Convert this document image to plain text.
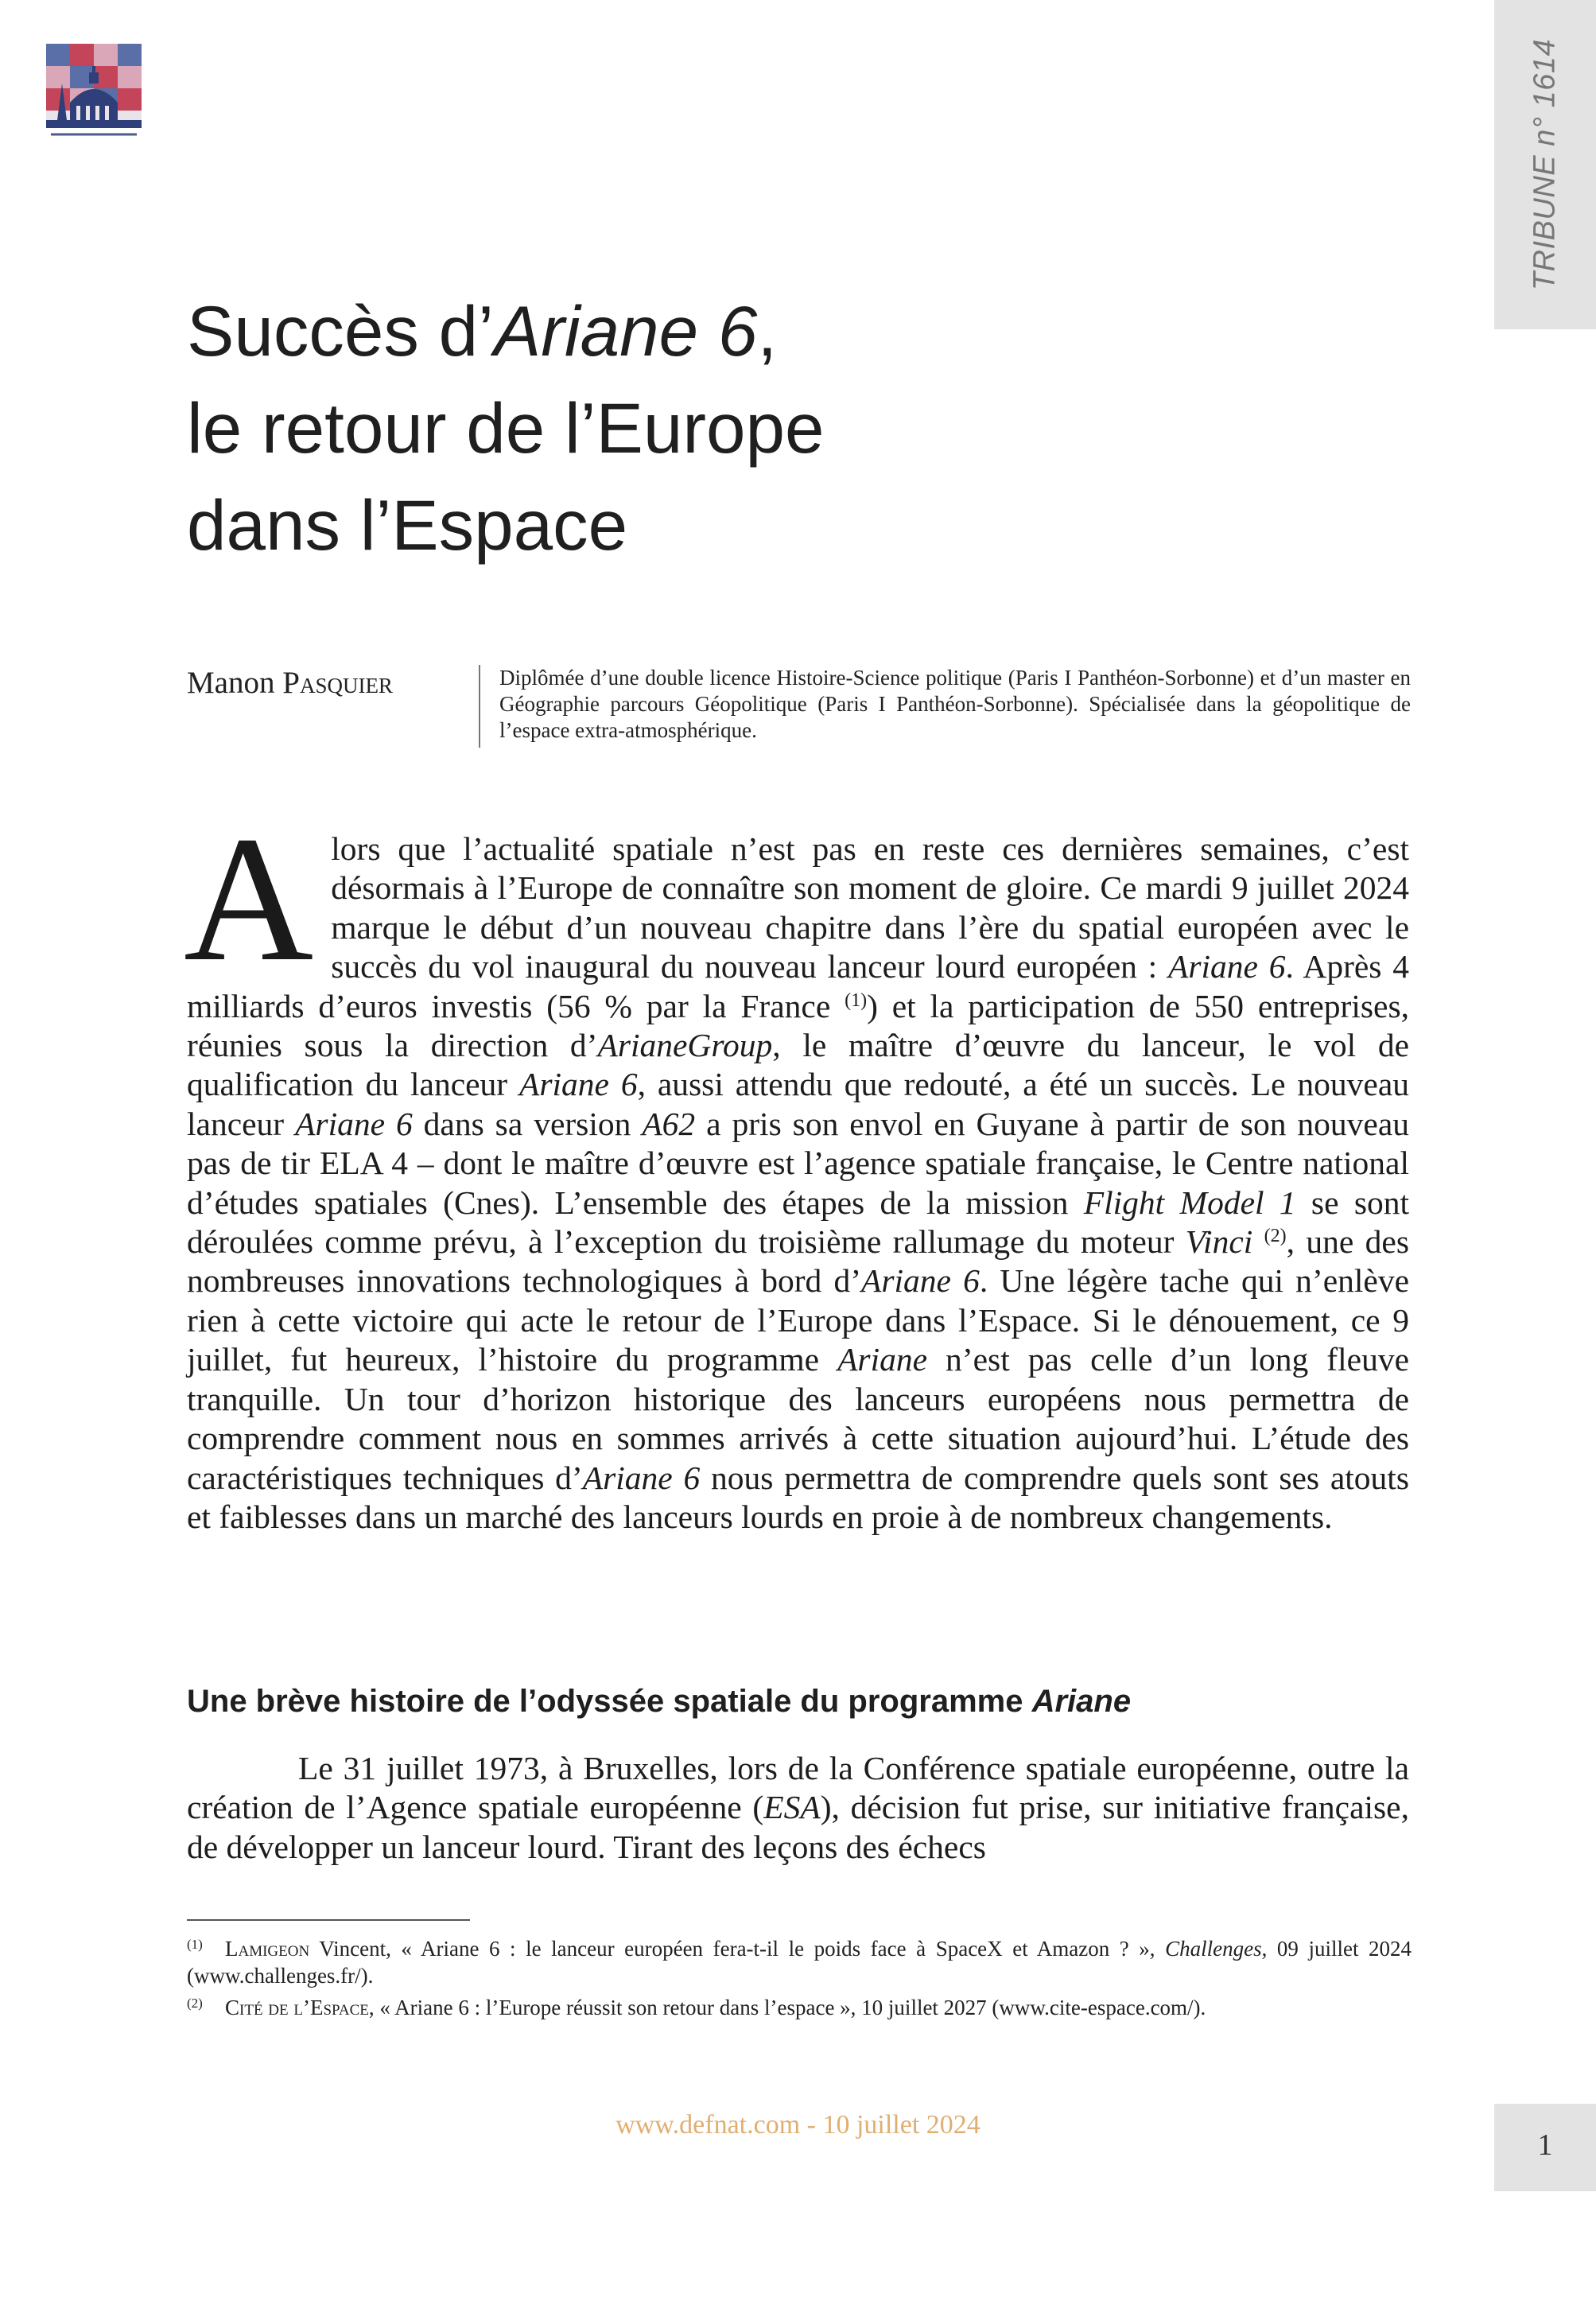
TRIBUNE n° 1614
Succès d’Ariane 6,
le retour de l’Europe
dans l’Espace
Manon Pasquier	Diplômée d’une double licence Histoire-Science politique (Paris I Panthéon-Sorbonne) et d’un master en Géographie parcours Géopolitique (Paris I Panthéon-Sorbonne). Spécialisée dans la géopolitique de l’espace extra-atmosphérique.

Alors que l’actualité spatiale n’est pas en reste ces dernières semaines, c’est désormais à l’Europe de connaître son moment de gloire. Ce mardi 9 juillet 2024 marque le début d’un nouveau chapitre dans l’ère du spatial européen avec le succès du vol inaugural du nouveau lanceur lourd européen : Ariane 6. Après 4 milliards d’euros investis (56 % par la France $^{(1)}$) et la participation de 550 entreprises, réunies sous la direction d’ArianeGroup, le maître d’œuvre du lanceur, le vol de qualification du lanceur Ariane 6, aussi attendu que redouté, a été un succès. Le nouveau lanceur Ariane 6 dans sa version A62 a pris son envol en Guyane à partir de son nouveau pas de tir ELA 4 – dont le maître d’œuvre est l’agence spatiale française, le Centre national d’études spatiales (Cnes). L’ensemble des étapes de la mission Flight Model 1 se sont déroulées comme prévu, à l’exception du troisième rallumage du moteur Vinci $^{(2)}$, une des nombreuses innovations technologiques à bord d’Ariane 6. Une légère tache qui n’enlève rien à cette victoire qui acte le retour de l’Europe dans l’Espace. Si le dénouement, ce 9 juillet, fut heureux, l’histoire du programme Ariane n’est pas celle d’un long fleuve tranquille. Un tour d’horizon historique des lanceurs européens nous permettra de comprendre comment nous en sommes arrivés à cette situation aujourd’hui. L’étude des caractéristiques techniques d’Ariane 6 nous permettra de comprendre quels sont ses atouts et faiblesses dans un marché des lanceurs lourds en proie à de nombreux changements.

Une brève histoire de l’odyssée spatiale du programme Ariane

Le 31 juillet 1973, à Bruxelles, lors de la Conférence spatiale européenne, outre la création de l’Agence spatiale européenne (ESA), décision fut prise, sur initiative française, de développer un lanceur lourd. Tirant des leçons des échecs

(1) Lamigeon Vincent, « Ariane 6 : le lanceur européen fera-t-il le poids face à SpaceX et Amazon ? », Challenges, 09 juillet 2024 (www.challenges.fr/).

(2) Cité de l’Espace, « Ariane 6 : l’Europe réussit son retour dans l’espace », 10 juillet 2027 (www.cite-espace.com/).

www.defnat.com - 10 juillet 2024
1
